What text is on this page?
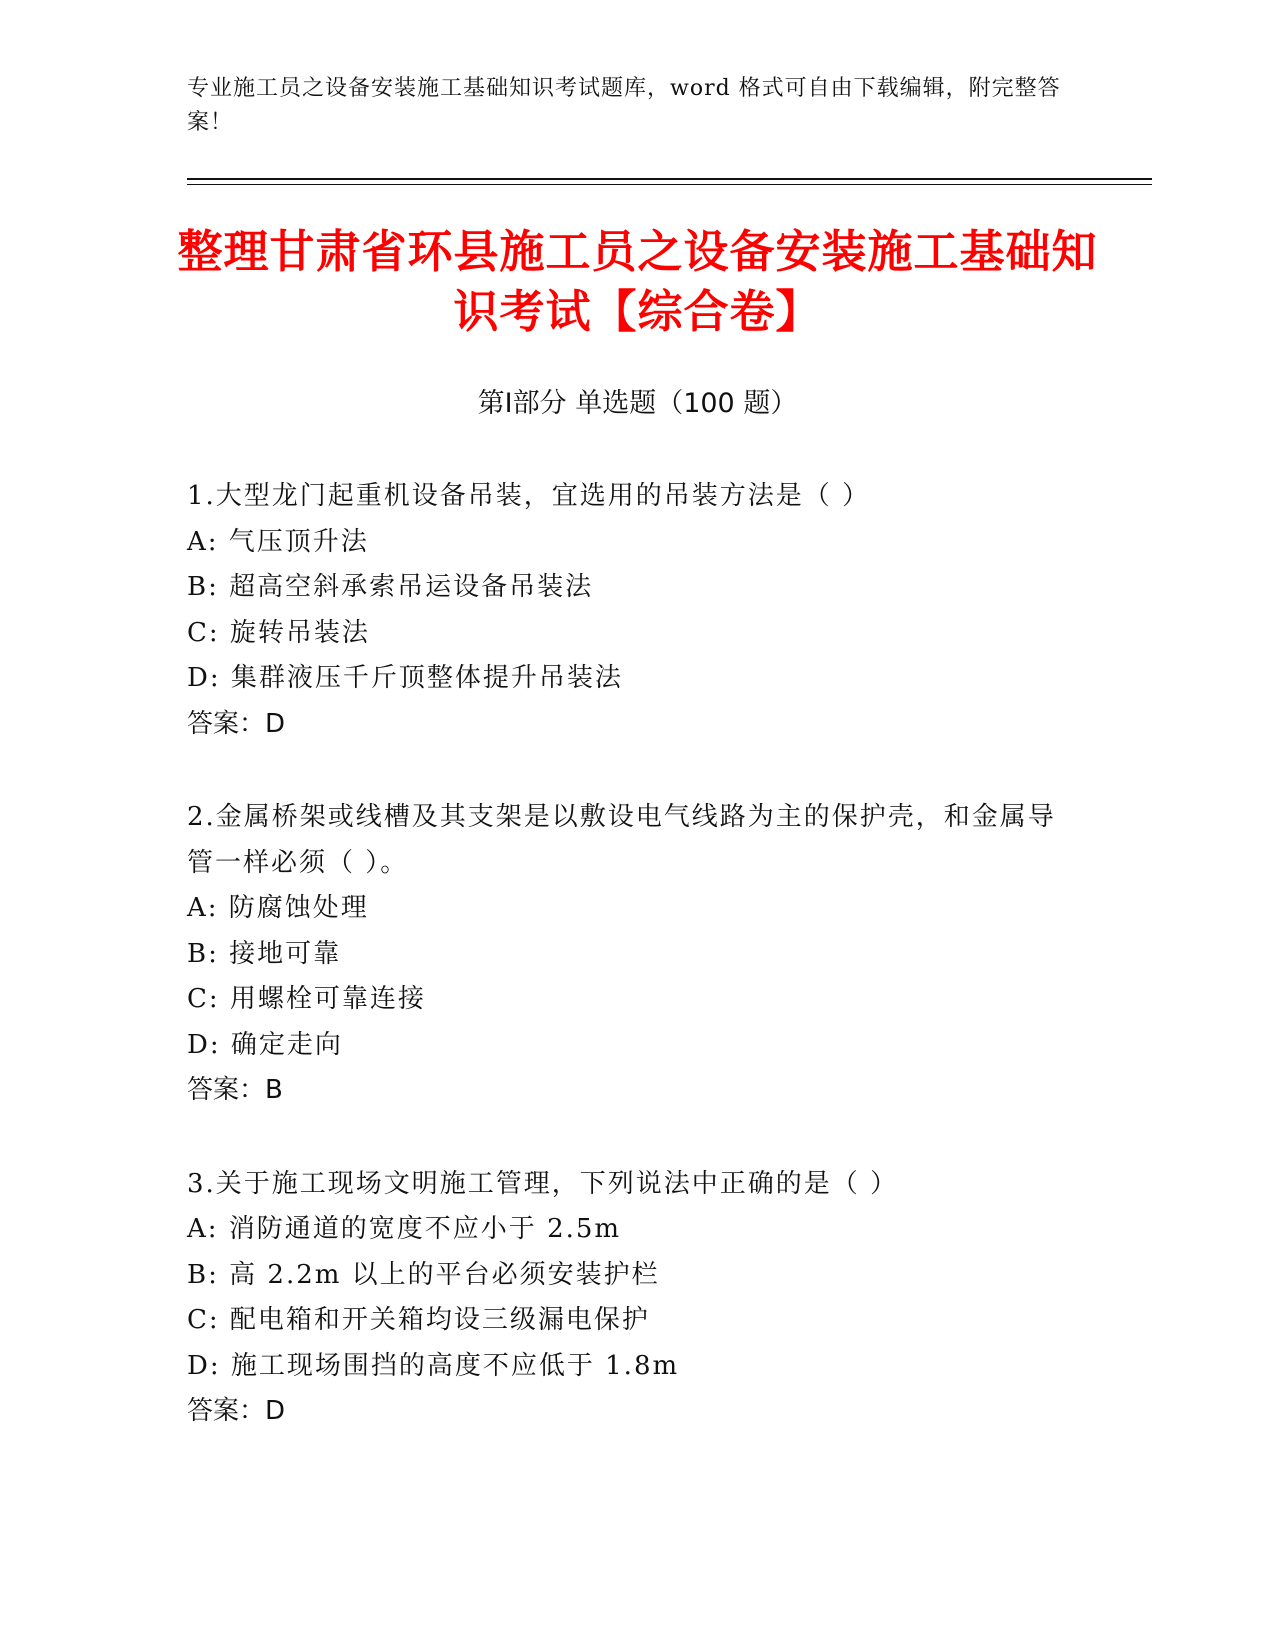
专业施工员之设备安装施工基础知识考试题库，word 格式可自由下载编辑，附完整答案！
整理甘肃省环县施工员之设备安装施工基础知识考试【综合卷】
第Ⅰ部分 单选题（100 题）
1.大型龙门起重机设备吊装，宜选用的吊装方法是（ ）
A: 气压顶升法
B: 超高空斜承索吊运设备吊装法
C: 旋转吊装法
D: 集群液压千斤顶整体提升吊装法
答案：D
2.金属桥架或线槽及其支架是以敷设电气线路为主的保护壳，和金属导管一样必须（ ）。
A: 防腐蚀处理
B: 接地可靠
C: 用螺栓可靠连接
D: 确定走向
答案：B
3.关于施工现场文明施工管理，下列说法中正确的是（ ）
A: 消防通道的宽度不应小于 2.5m
B: 高 2.2m 以上的平台必须安装护栏
C: 配电箱和开关箱均设三级漏电保护
D: 施工现场围挡的高度不应低于 1.8m
答案：D
